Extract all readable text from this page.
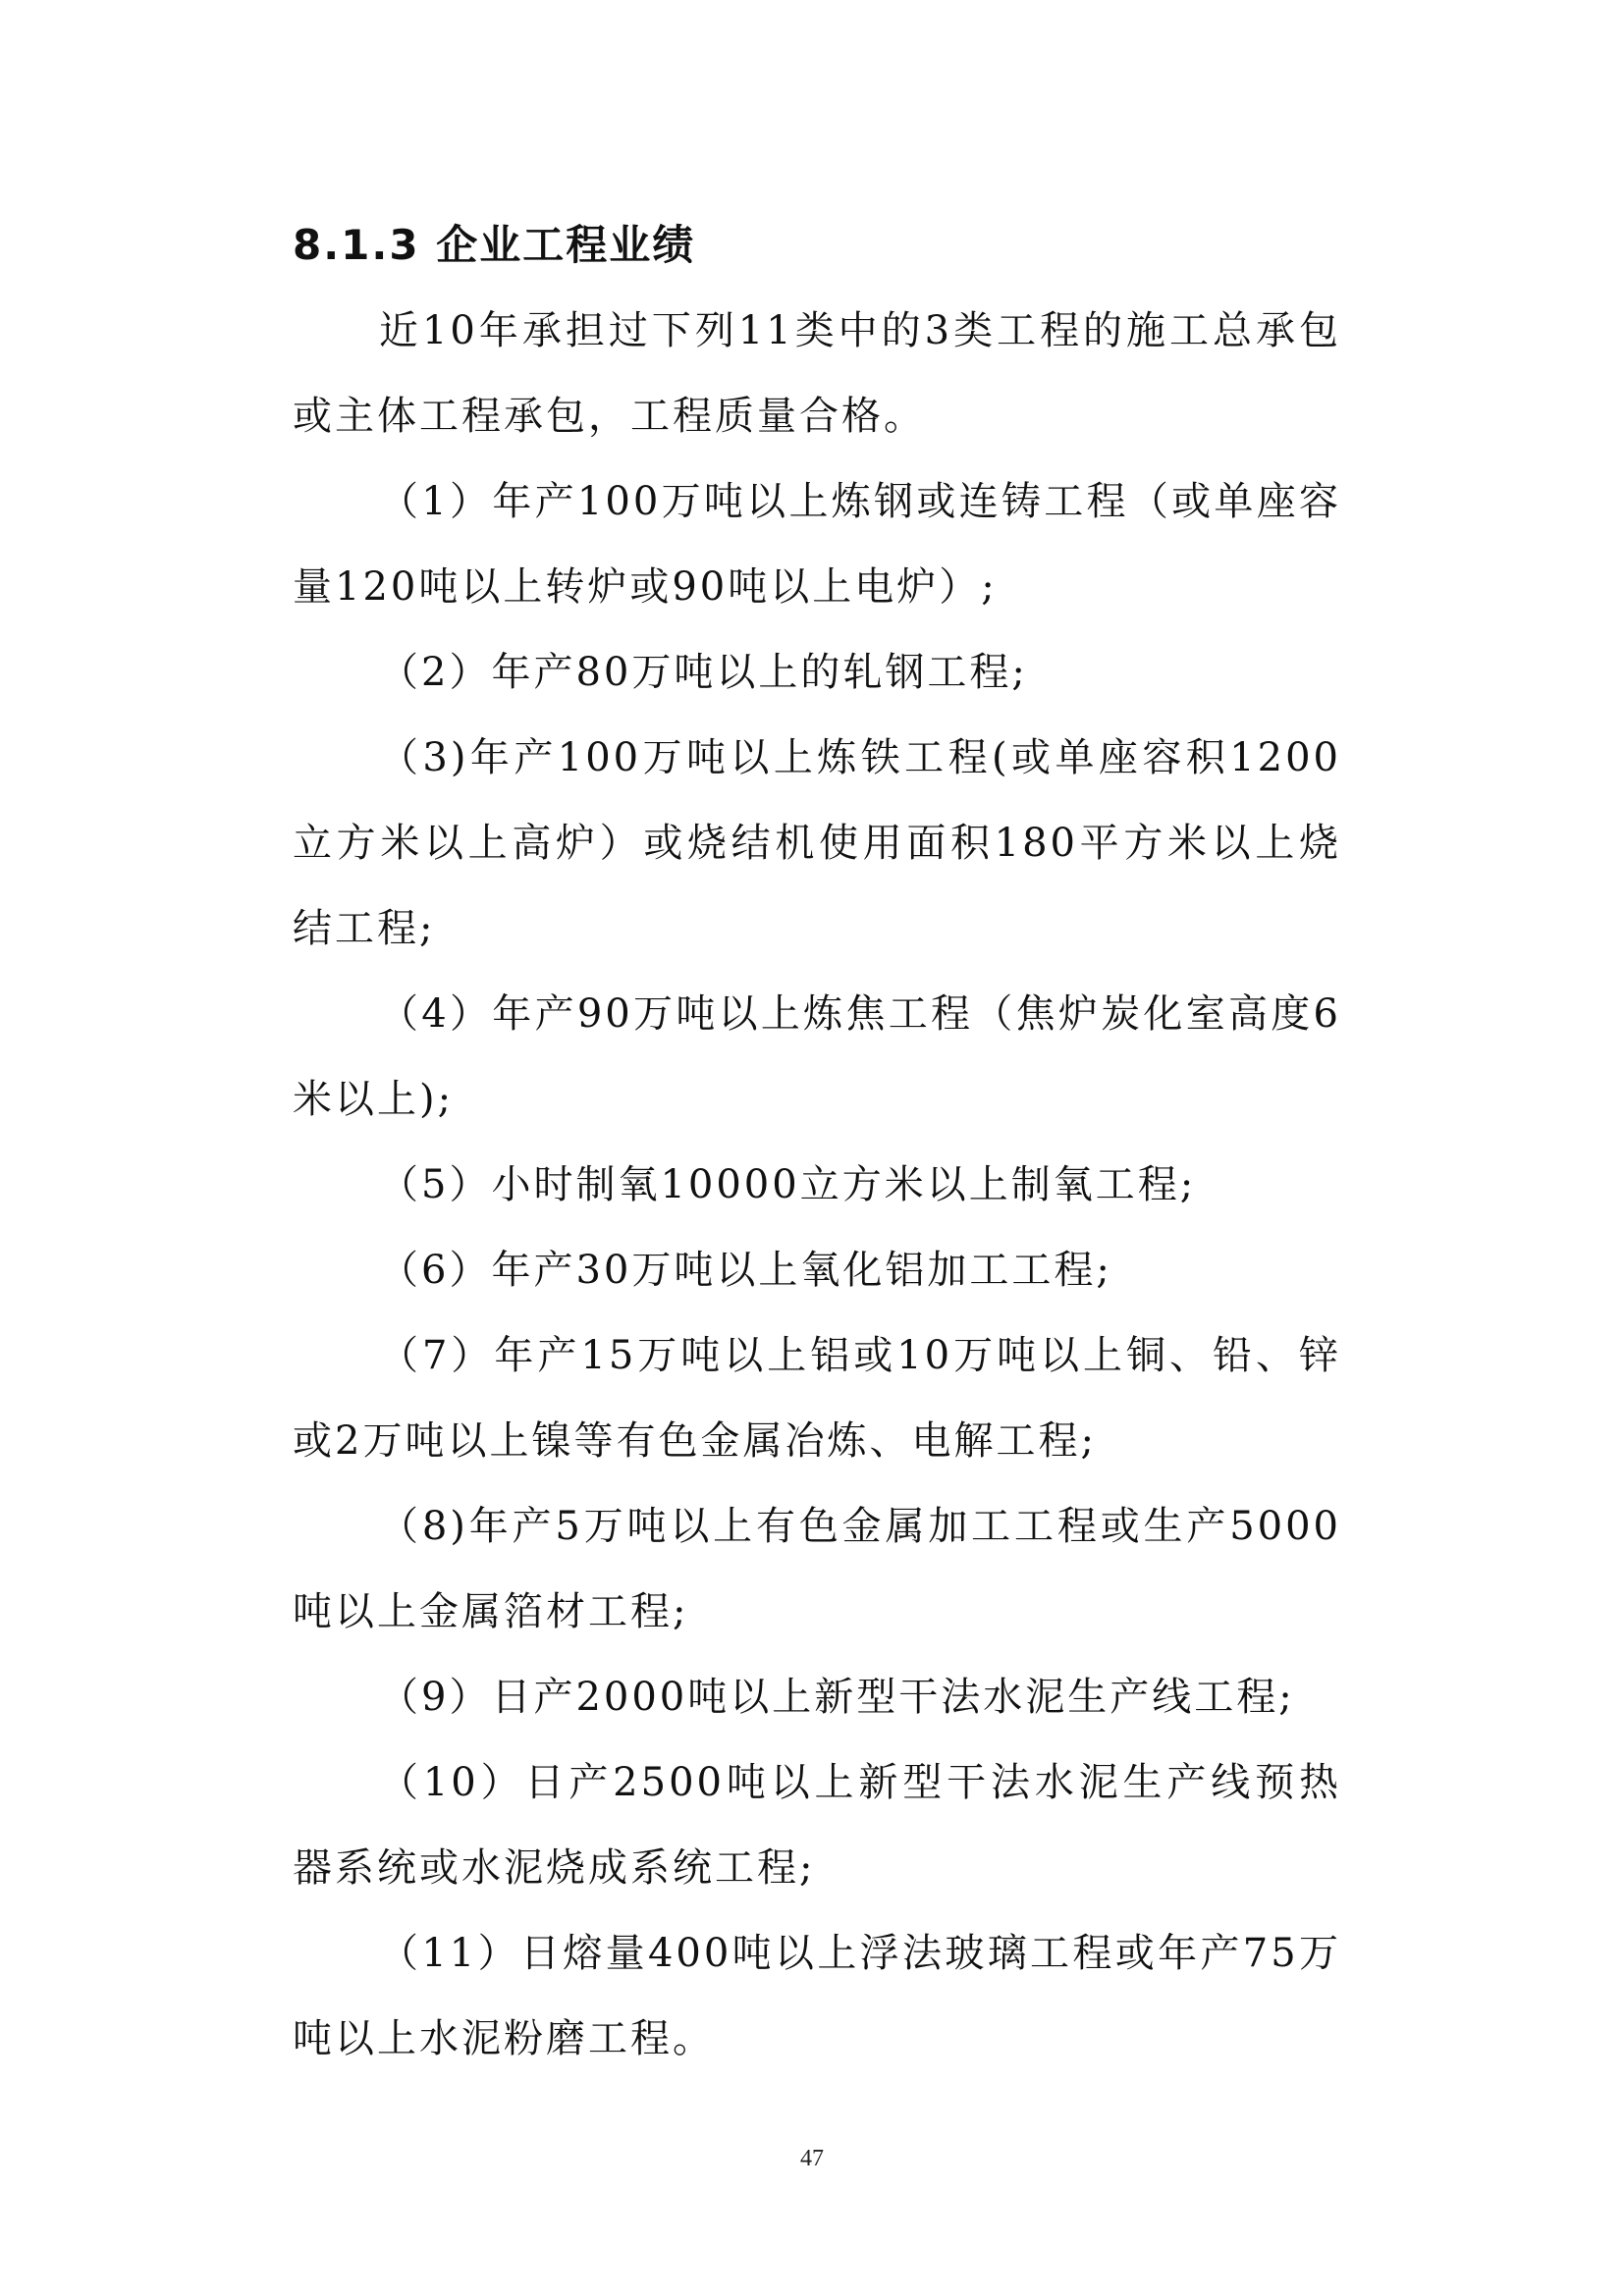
8.1.3 企业工程业绩

近10年承担过下列11类中的3类工程的施工总承包或主体工程承包，工程质量合格。

（1）年产100万吨以上炼钢或连铸工程（或单座容量120吨以上转炉或90吨以上电炉）;

（2）年产80万吨以上的轧钢工程;

（3)年产100万吨以上炼铁工程(或单座容积1200立方米以上高炉）或烧结机使用面积180平方米以上烧结工程;

（4）年产90万吨以上炼焦工程（焦炉炭化室高度6米以上);

（5）小时制氧10000立方米以上制氧工程;

（6）年产30万吨以上氧化铝加工工程;

（7）年产15万吨以上铝或10万吨以上铜、铅、锌或2万吨以上镍等有色金属冶炼、电解工程;

（8)年产5万吨以上有色金属加工工程或生产5000吨以上金属箔材工程;

（9）日产2000吨以上新型干法水泥生产线工程;

（10）日产2500吨以上新型干法水泥生产线预热器系统或水泥烧成系统工程;

（11）日熔量400吨以上浮法玻璃工程或年产75万吨以上水泥粉磨工程。

47
